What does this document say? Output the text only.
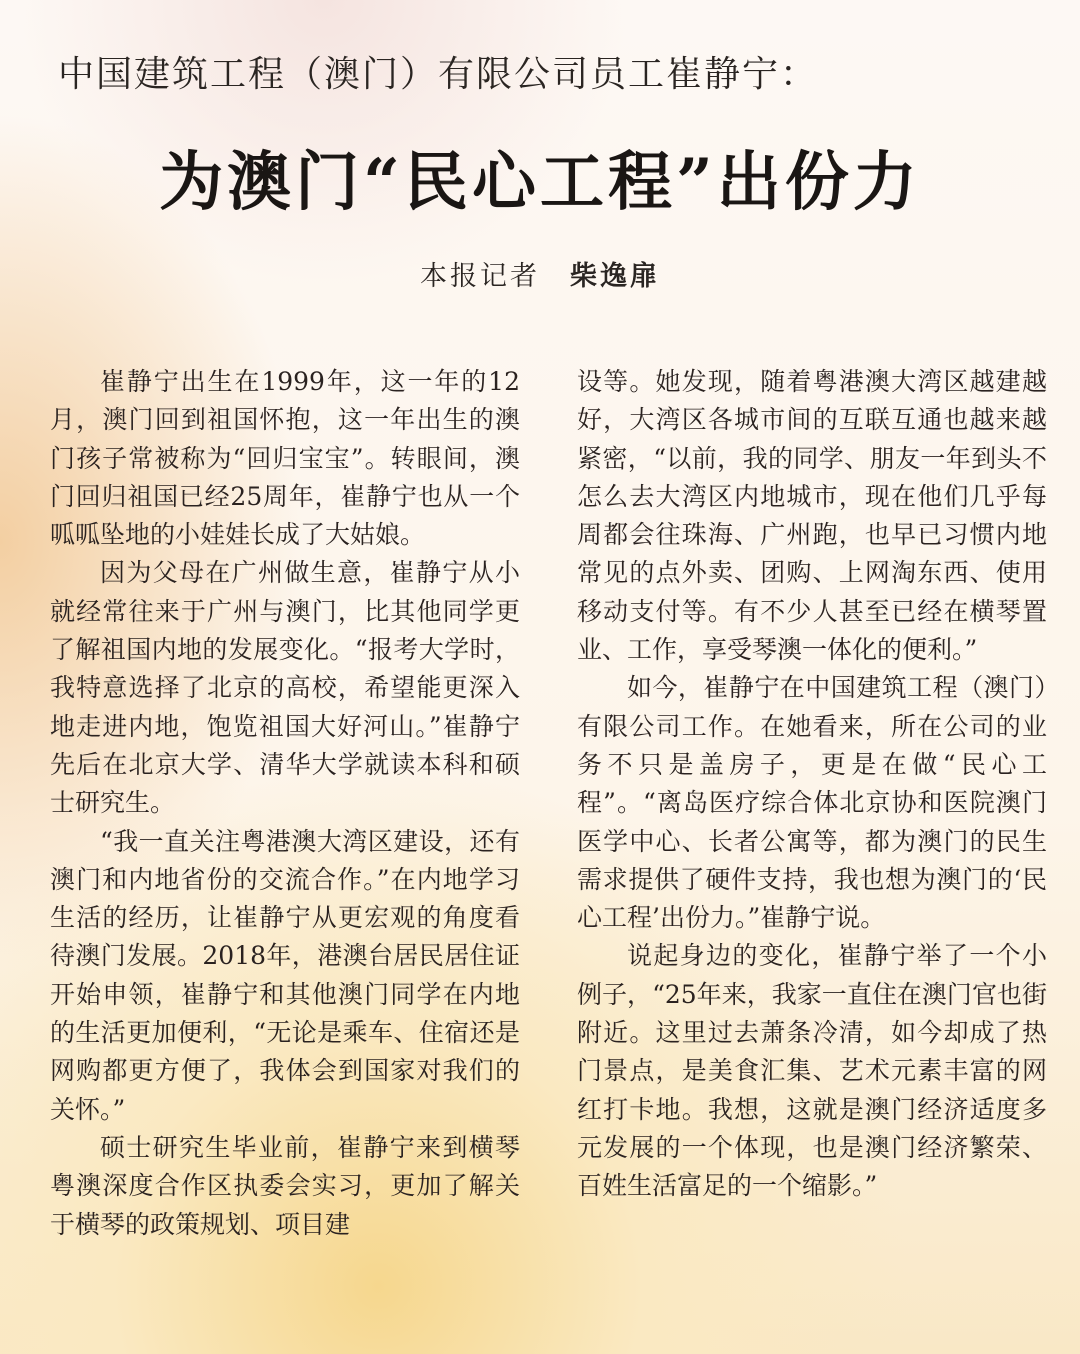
中国建筑工程（澳门）有限公司员工崔静宁：
为澳门“民心工程”出份力
本报记者 柴逸扉

崔静宁出生在1999年，这一年的12月，澳门回到祖国怀抱，这一年出生的澳门孩子常被称为“回归宝宝”。转眼间，澳门回归祖国已经25周年，崔静宁也从一个呱呱坠地的小娃娃长成了大姑娘。

因为父母在广州做生意，崔静宁从小就经常往来于广州与澳门，比其他同学更了解祖国内地的发展变化。“报考大学时，我特意选择了北京的高校，希望能更深入地走进内地，饱览祖国大好河山。”崔静宁先后在北京大学、清华大学就读本科和硕士研究生。

“我一直关注粤港澳大湾区建设，还有澳门和内地省份的交流合作。”在内地学习生活的经历，让崔静宁从更宏观的角度看待澳门发展。2018年，港澳台居民居住证开始申领，崔静宁和其他澳门同学在内地的生活更加便利，“无论是乘车、住宿还是网购都更方便了，我体会到国家对我们的关怀。”

硕士研究生毕业前，崔静宁来到横琴粤澳深度合作区执委会实习，更加了解关于横琴的政策规划、项目建

设等。她发现，随着粤港澳大湾区越建越好，大湾区各城市间的互联互通也越来越紧密，“以前，我的同学、朋友一年到头不怎么去大湾区内地城市，现在他们几乎每周都会往珠海、广州跑，也早已习惯内地常见的点外卖、团购、上网淘东西、使用移动支付等。有不少人甚至已经在横琴置业、工作，享受琴澳一体化的便利。”

如今，崔静宁在中国建筑工程（澳门）有限公司工作。在她看来，所在公司的业务不只是盖房子，更是在做“民心工程”。“离岛医疗综合体北京协和医院澳门医学中心、长者公寓等，都为澳门的民生需求提供了硬件支持，我也想为澳门的‘民心工程’出份力。”崔静宁说。

说起身边的变化，崔静宁举了一个小例子，“25年来，我家一直住在澳门官也街附近。这里过去萧条冷清，如今却成了热门景点，是美食汇集、艺术元素丰富的网红打卡地。我想，这就是澳门经济适度多元发展的一个体现，也是澳门经济繁荣、百姓生活富足的一个缩影。”
